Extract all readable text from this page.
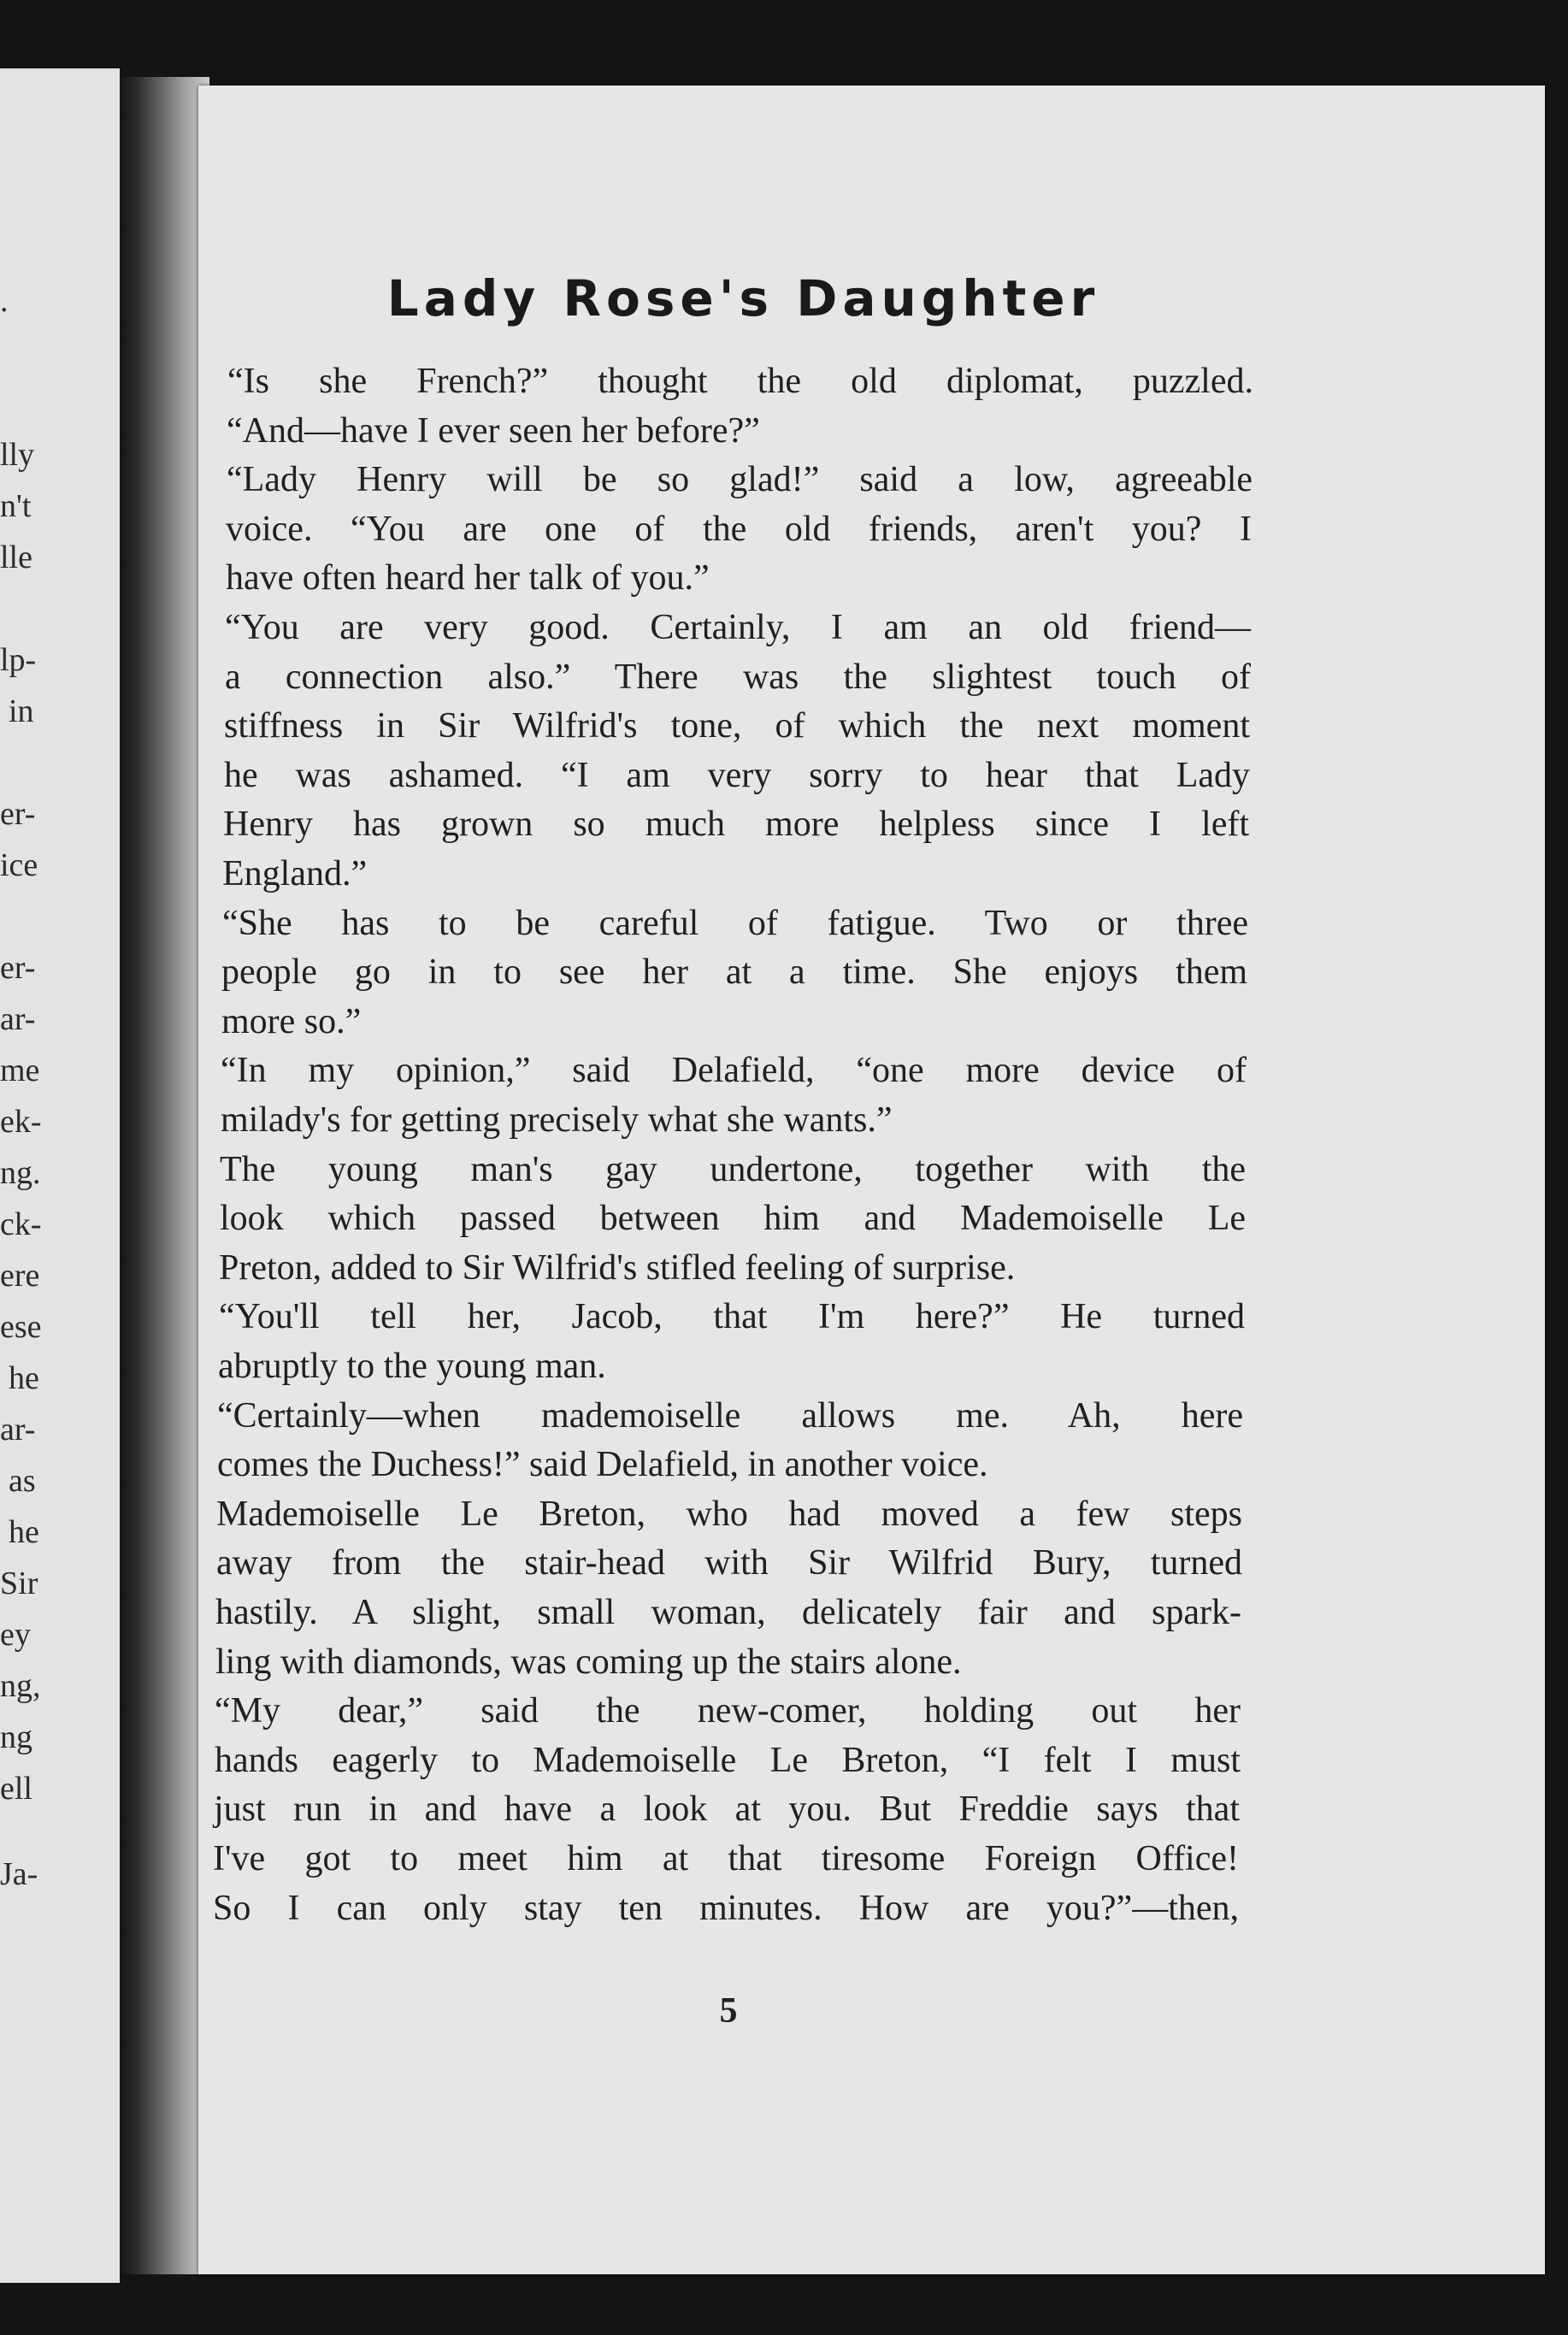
.
lly
n't
lle
lp-
in
er-
ice
er-
ar-
me
ek-
ng.
ck-
ere
ese
he
ar-
as
he
Sir
ey
ng,
ng
ell
Ja-
Lady Rose's Daughter
“Is she French?” thought the old diplomat, puzzled.
“And—have I ever seen her before?”
“Lady Henry will be so glad!” said a low, agreeable
voice. “You are one of the old friends, aren't you? I
have often heard her talk of you.”
“You are very good. Certainly, I am an old friend—
a connection also.” There was the slightest touch of
stiffness in Sir Wilfrid's tone, of which the next moment
he was ashamed. “I am very sorry to hear that Lady
Henry has grown so much more helpless since I left
England.”
“She has to be careful of fatigue. Two or three
people go in to see her at a time. She enjoys them
more so.”
“In my opinion,” said Delafield, “one more device of
milady's for getting precisely what she wants.”
The young man's gay undertone, together with the
look which passed between him and Mademoiselle Le
Preton, added to Sir Wilfrid's stifled feeling of surprise.
“You'll tell her, Jacob, that I'm here?” He turned
abruptly to the young man.
“Certainly—when mademoiselle allows me. Ah, here
comes the Duchess!” said Delafield, in another voice.
Mademoiselle Le Breton, who had moved a few steps
away from the stair-head with Sir Wilfrid Bury, turned
hastily. A slight, small woman, delicately fair and spark-
ling with diamonds, was coming up the stairs alone.
“My dear,” said the new-comer, holding out her
hands eagerly to Mademoiselle Le Breton, “I felt I must
just run in and have a look at you. But Freddie says that
I've got to meet him at that tiresome Foreign Office!
So I can only stay ten minutes. How are you?”—then,
5
